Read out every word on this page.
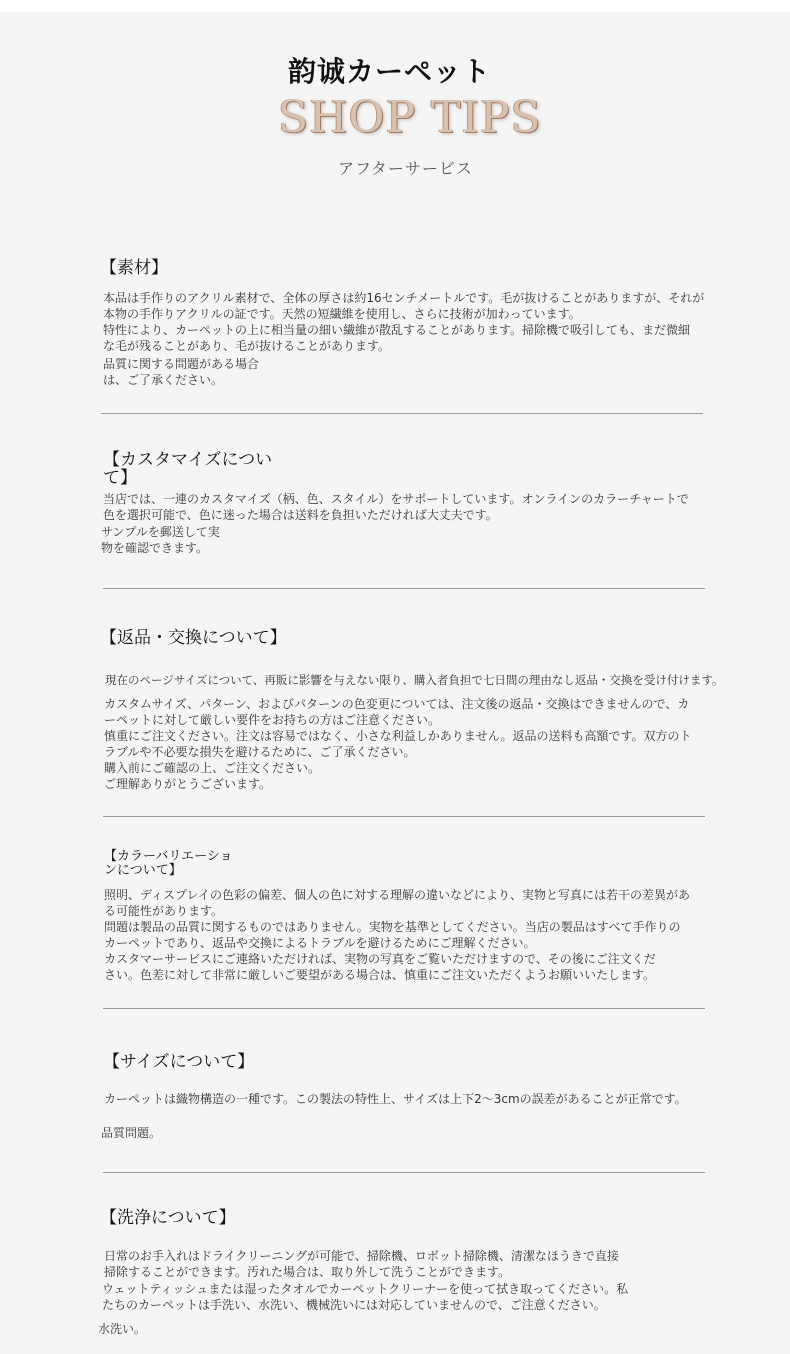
韵诚カーペット
SHOP TIPS
アフターサービス
【素材】
本品は手作りのアクリル素材で、全体の厚さは約16センチメートルです。毛が抜けることがありますが、それが
本物の手作りアクリルの証です。天然の短繊維を使用し、さらに技術が加わっています。
特性により、カーペットの上に相当量の細い繊維が散乱することがあります。掃除機で吸引しても、まだ微細
な毛が残ることがあり、毛が抜けることがあります。
品質に関する問題がある場合
は、ご了承ください。
【カスタマイズについ
て】
当店では、一連のカスタマイズ（柄、色、スタイル）をサポートしています。オンラインのカラーチャートで
色を選択可能で、色に迷った場合は送料を負担いただければ大丈夫です。
サンプルを郵送して実
物を確認できます。
【返品・交換について】
現在のページサイズについて、再販に影響を与えない限り、購入者負担で七日間の理由なし返品・交換を受け付けます。
カスタムサイズ、パターン、およびパターンの色変更については、注文後の返品・交換はできませんので、カ
ーペットに対して厳しい要件をお持ちの方はご注意ください。
慎重にご注文ください。注文は容易ではなく、小さな利益しかありません。返品の送料も高額です。双方のト
ラブルや不必要な損失を避けるために、ご了承ください。
購入前にご確認の上、ご注文ください。
ご理解ありがとうございます。
【カラーバリエーショ
ンについて】
照明、ディスプレイの色彩の偏差、個人の色に対する理解の違いなどにより、実物と写真には若干の差異があ
る可能性があります。
問題は製品の品質に関するものではありません。実物を基準としてください。当店の製品はすべて手作りの
カーペットであり、返品や交換によるトラブルを避けるためにご理解ください。
カスタマーサービスにご連絡いただければ、実物の写真をご覧いただけますので、その後にご注文くだ
さい。色差に対して非常に厳しいご要望がある場合は、慎重にご注文いただくようお願いいたします。
【サイズについて】
カーペットは織物構造の一種です。この製法の特性上、サイズは上下2〜3cmの誤差があることが正常です。
品質問題。
【洗浄について】
日常のお手入れはドライクリーニングが可能で、掃除機、ロボット掃除機、清潔なほうきで直接
掃除することができます。汚れた場合は、取り外して洗うことができます。
ウェットティッシュまたは湿ったタオルでカーペットクリーナーを使って拭き取ってください。私
たちのカーペットは手洗い、水洗い、機械洗いには対応していませんので、ご注意ください。
水洗い。
